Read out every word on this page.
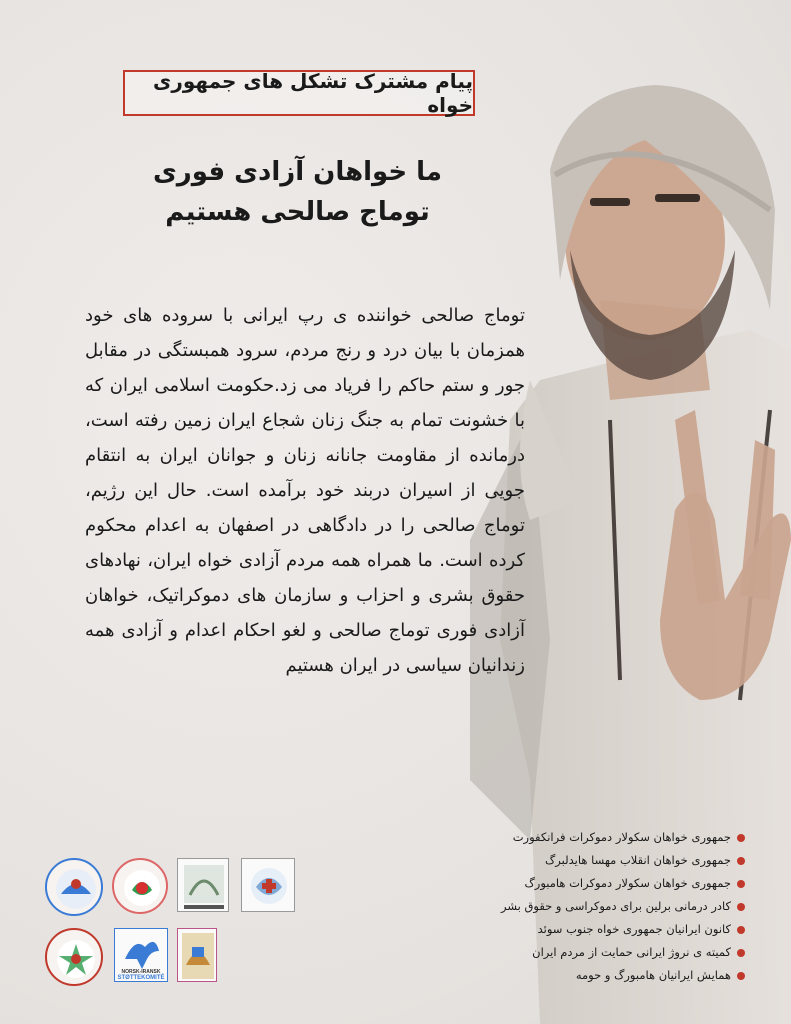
پیام مشترک تشکل های جمهوری خواه
ما خواهان آزادی فوری
توماج صالحی هستیم
توماج صالحی خواننده ی رپ ایرانی با سروده های خود همزمان با بیان درد و رنج مردم، سرود همبستگی در مقابل جور و ستم حاکم را فریاد می زد.حکومت اسلامی ایران که با خشونت تمام به جنگ زنان شجاع ایران زمین رفته است، درمانده از مقاومت جانانه زنان و جوانان ایران به انتقام جویی از اسیران دربند خود برآمده است. حال این رژیم، توماج صالحی را در دادگاهی در اصفهان به اعدام محکوم کرده است. ما همراه همه مردم آزادی خواه ایران، نهادهای حقوق بشری و احزاب و سازمان های دموکراتیک، خواهان آزادی فوری توماج صالحی و لغو احکام اعدام و آزادی همه زندانیان سیاسی در ایران هستیم
جمهوری خواهان سکولار دموکرات فرانکفورت
جمهوری خواهان انقلاب مهسا هایدلبرگ
جمهوری خواهان سکولار دموکرات هامبورگ
کادر درمانی برلین برای دموکراسی و حقوق بشر
کانون ایرانیان جمهوری خواه جنوب سوئد
کمیته ی نروژ ایرانی حمایت از مردم ایران
همایش ایرانیان هامبورگ و حومه
NORSK-IRANSK
STØTTEKOMITÉ
